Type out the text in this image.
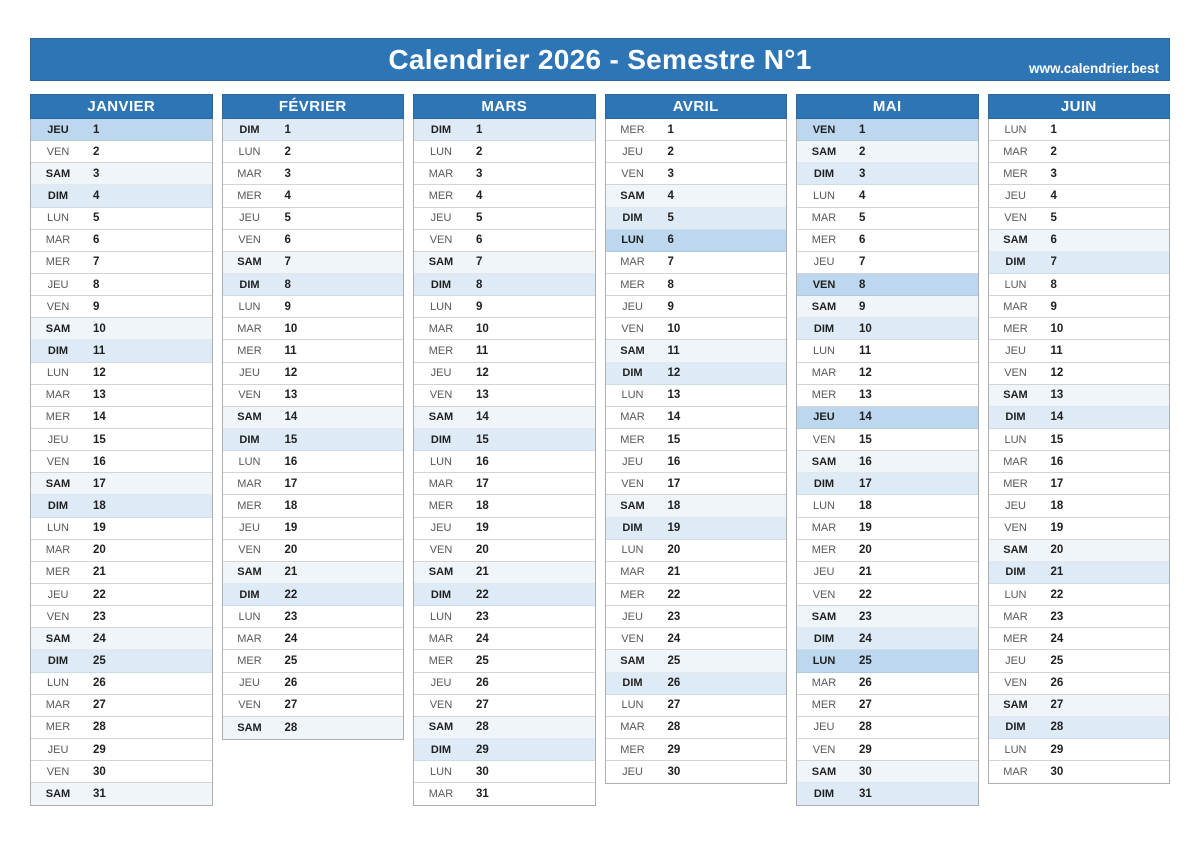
Calendrier 2026 - Semestre N°1	www.calendrier.best
JANVIER
JEU	1
VEN	2
SAM	3
DIM	4
LUN	5
MAR	6
MER	7
JEU	8
VEN	9
SAM	10
DIM	11
LUN	12
MAR	13
MER	14
JEU	15
VEN	16
SAM	17
DIM	18
LUN	19
MAR	20
MER	21
JEU	22
VEN	23
SAM	24
DIM	25
LUN	26
MAR	27
MER	28
JEU	29
VEN	30
SAM	31
FÉVRIER
DIM	1
LUN	2
MAR	3
MER	4
JEU	5
VEN	6
SAM	7
DIM	8
LUN	9
MAR	10
MER	11
JEU	12
VEN	13
SAM	14
DIM	15
LUN	16
MAR	17
MER	18
JEU	19
VEN	20
SAM	21
DIM	22
LUN	23
MAR	24
MER	25
JEU	26
VEN	27
SAM	28
MARS
DIM	1
LUN	2
MAR	3
MER	4
JEU	5
VEN	6
SAM	7
DIM	8
LUN	9
MAR	10
MER	11
JEU	12
VEN	13
SAM	14
DIM	15
LUN	16
MAR	17
MER	18
JEU	19
VEN	20
SAM	21
DIM	22
LUN	23
MAR	24
MER	25
JEU	26
VEN	27
SAM	28
DIM	29
LUN	30
MAR	31
AVRIL
MER	1
JEU	2
VEN	3
SAM	4
DIM	5
LUN	6
MAR	7
MER	8
JEU	9
VEN	10
SAM	11
DIM	12
LUN	13
MAR	14
MER	15
JEU	16
VEN	17
SAM	18
DIM	19
LUN	20
MAR	21
MER	22
JEU	23
VEN	24
SAM	25
DIM	26
LUN	27
MAR	28
MER	29
JEU	30
MAI
VEN	1
SAM	2
DIM	3
LUN	4
MAR	5
MER	6
JEU	7
VEN	8
SAM	9
DIM	10
LUN	11
MAR	12
MER	13
JEU	14
VEN	15
SAM	16
DIM	17
LUN	18
MAR	19
MER	20
JEU	21
VEN	22
SAM	23
DIM	24
LUN	25
MAR	26
MER	27
JEU	28
VEN	29
SAM	30
DIM	31
JUIN
LUN	1
MAR	2
MER	3
JEU	4
VEN	5
SAM	6
DIM	7
LUN	8
MAR	9
MER	10
JEU	11
VEN	12
SAM	13
DIM	14
LUN	15
MAR	16
MER	17
JEU	18
VEN	19
SAM	20
DIM	21
LUN	22
MAR	23
MER	24
JEU	25
VEN	26
SAM	27
DIM	28
LUN	29
MAR	30
